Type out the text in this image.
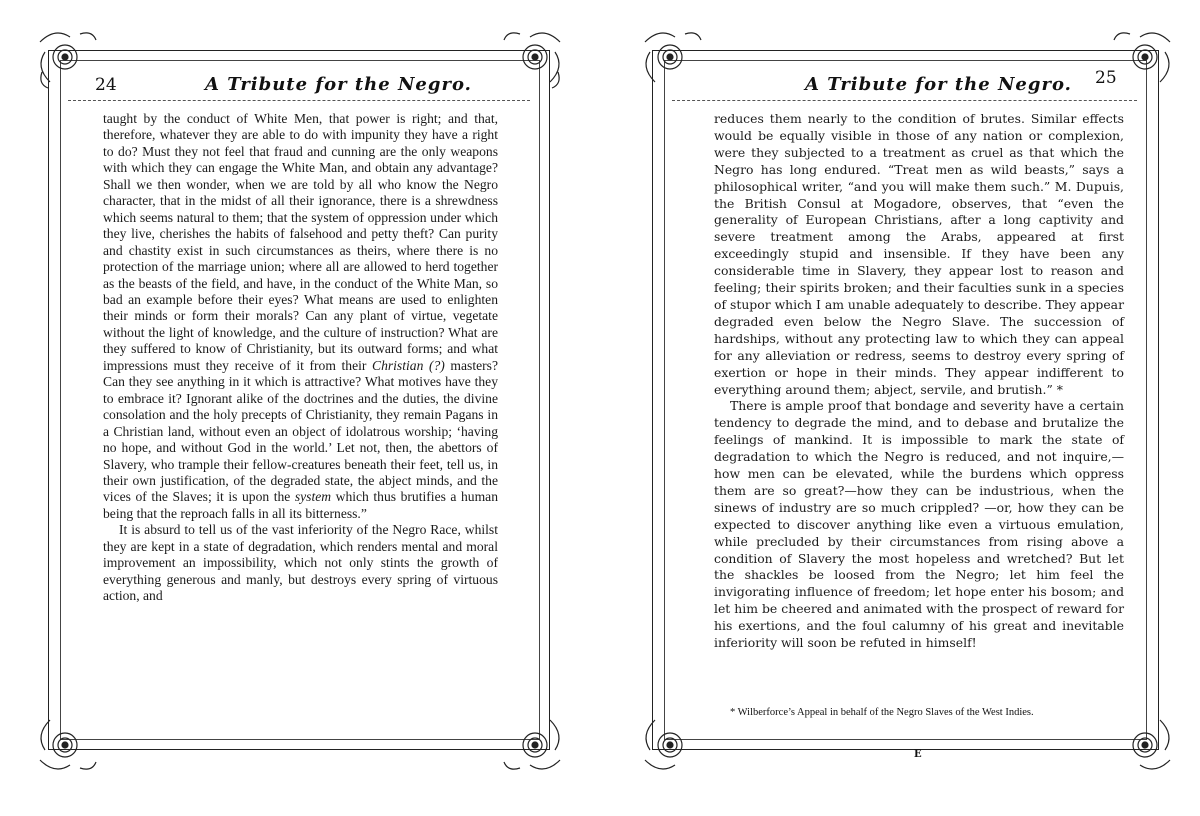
24	A Tribute for the Negro.

taught by the conduct of White Men, that power is right; and that, therefore, whatever they are able to do with impunity they have a right to do? Must they not feel that fraud and cunning are the only weapons with which they can engage the White Man, and obtain any advantage? Shall we then wonder, when we are told by all who know the Negro character, that in the midst of all their ignorance, there is a shrewdness which seems natural to them; that the system of oppression under which they live, cherishes the habits of falsehood and petty theft? Can purity and chastity exist in such circumstances as theirs, where there is no protection of the marriage union; where all are allowed to herd together as the beasts of the field, and have, in the conduct of the White Man, so bad an example before their eyes? What means are used to enlighten their minds or form their morals? Can any plant of virtue, vegetate without the light of knowledge, and the culture of instruction? What are they suffered to know of Christianity, but its outward forms; and what impressions must they receive of it from their Christian (?) masters? Can they see anything in it which is attractive? What motives have they to embrace it? Ignorant alike of the doctrines and the duties, the divine consolation and the holy precepts of Christianity, they remain Pagans in a Christian land, without even an object of idolatrous worship; ‘having no hope, and without God in the world.’ Let not, then, the abettors of Slavery, who trample their fellow-creatures beneath their feet, tell us, in their own justification, of the degraded state, the abject minds, and the vices of the Slaves; it is upon the system which thus brutifies a human being that the reproach falls in all its bitterness.”

It is absurd to tell us of the vast inferiority of the Negro Race, whilst they are kept in a state of degradation, which renders mental and moral improvement an impossibility, which not only stints the growth of everything generous and manly, but destroys every spring of virtuous action, and

A Tribute for the Negro. 25

reduces them nearly to the condition of brutes. Similar effects would be equally visible in those of any nation or complexion, were they subjected to a treatment as cruel as that which the Negro has long endured. “Treat men as wild beasts,” says a philosophical writer, “and you will make them such.” M. Dupuis, the British Consul at Mogadore, observes, that “even the generality of European Christians, after a long captivity and severe treatment among the Arabs, appeared at first exceedingly stupid and insensible. If they have been any considerable time in Slavery, they appear lost to reason and feeling; their spirits broken; and their faculties sunk in a species of stupor which I am unable adequately to describe. They appear degraded even below the Negro Slave. The succession of hardships, without any protecting law to which they can appeal for any alleviation or redress, seems to destroy every spring of exertion or hope in their minds. They appear indifferent to everything around them; abject, servile, and brutish.” *

There is ample proof that bondage and severity have a certain tendency to degrade the mind, and to debase and brutalize the feelings of mankind. It is impossible to mark the state of degradation to which the Negro is reduced, and not inquire,—how men can be elevated, while the burdens which oppress them are so great?—how they can be industrious, when the sinews of industry are so much crippled? —or, how they can be expected to discover anything like even a virtuous emulation, while precluded by their circumstances from rising above a condition of Slavery the most hopeless and wretched? But let the shackles be loosed from the Negro; let him feel the invigorating influence of freedom; let hope enter his bosom; and let him be cheered and animated with the prospect of reward for his exertions, and the foul calumny of his great and inevitable inferiority will soon be refuted in himself!

* Wilberforce’s Appeal in behalf of the Negro Slaves of the West Indies.
E
